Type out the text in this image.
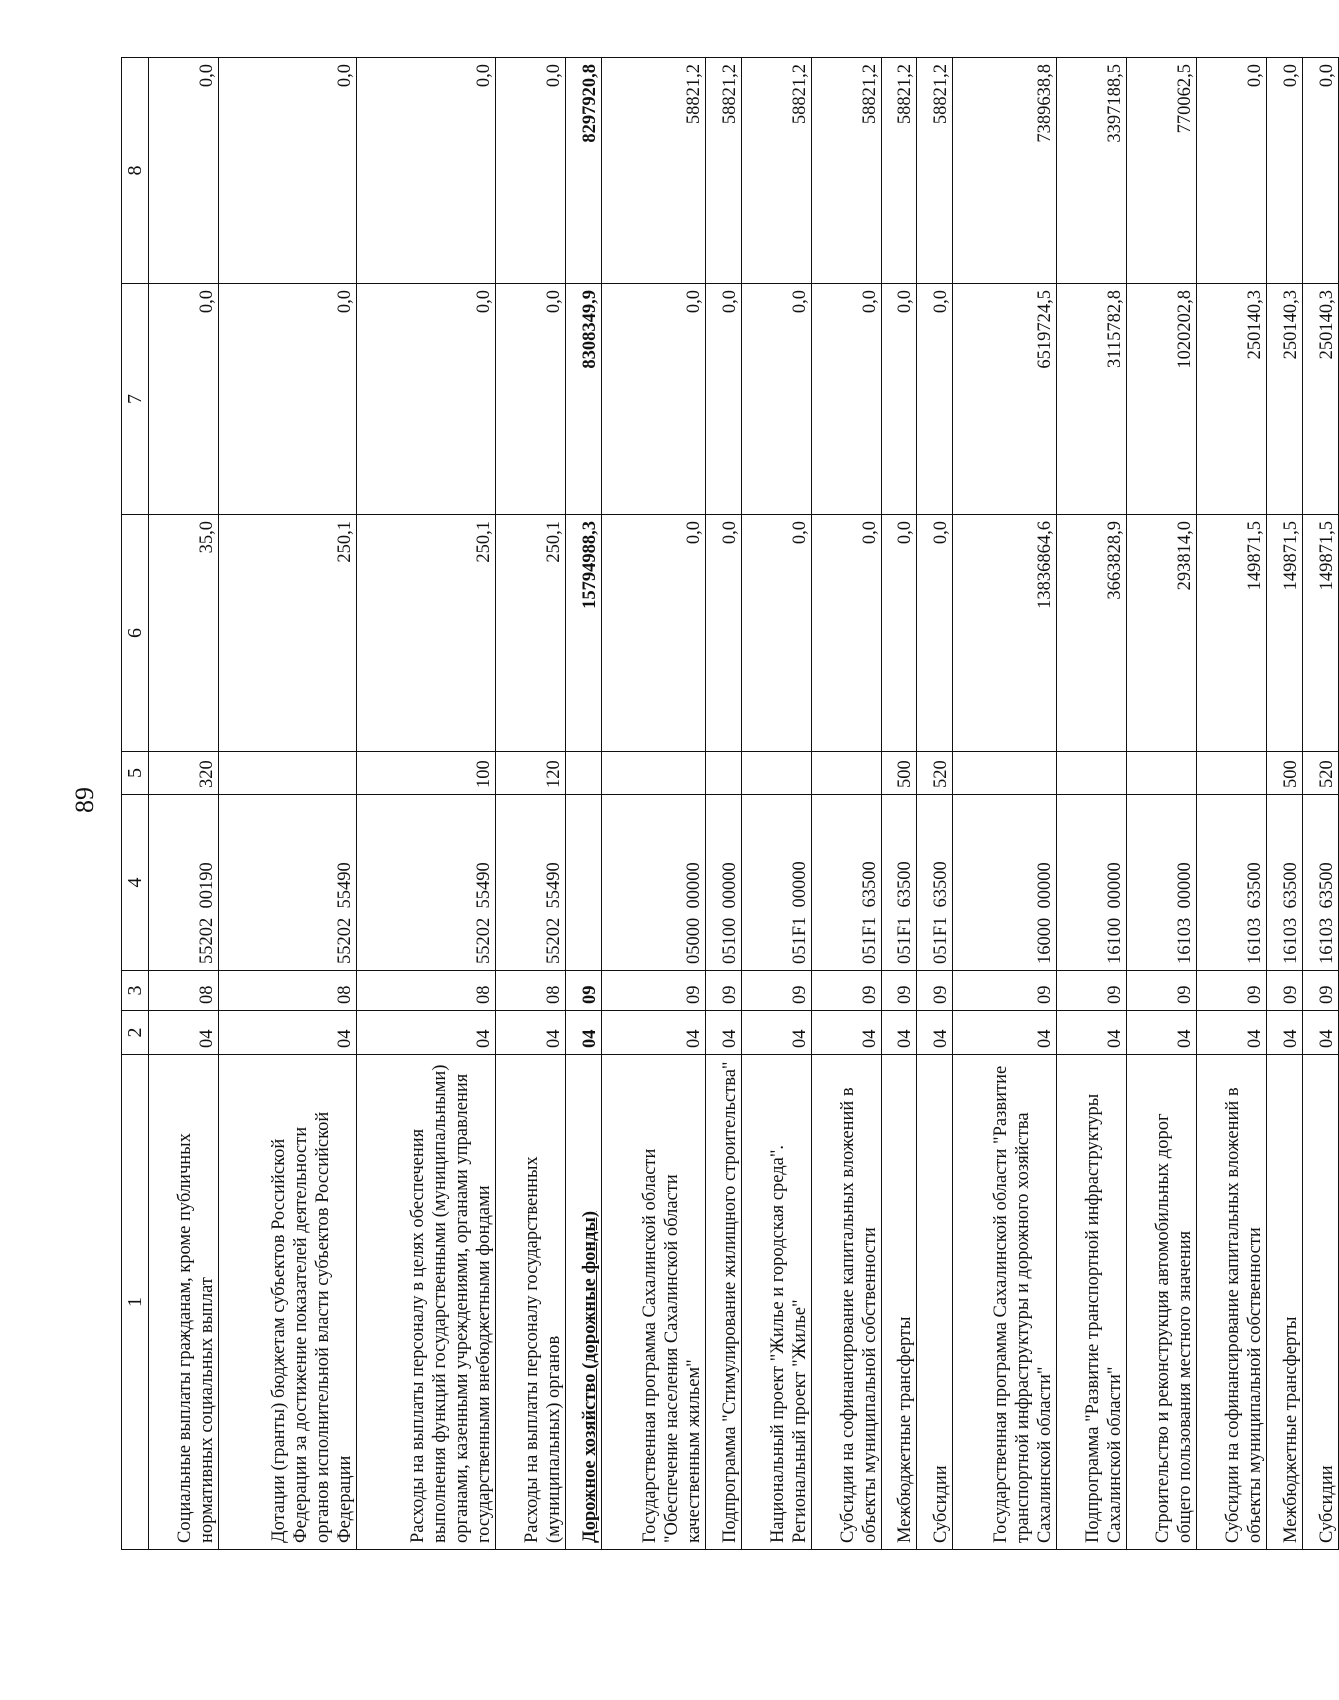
89
1	2	3	4	5	6	7	8
Социальные выплаты гражданам, кроме публичных нормативных социальных выплат	04	08	55202  00190	320	35,0	0,0	0,0
Дотации (гранты) бюджетам субъектов Российской Федерации за достижение показателей деятельности органов исполнительной власти субъектов Российской Федерации	04	08	55202  55490		250,1	0,0	0,0
Расходы на выплаты персоналу в целях обеспечения выполнения функций государственными (муниципальными) органами, казенными учреждениями, органами управления государственными внебюджетными фондами	04	08	55202  55490	100	250,1	0,0	0,0
Расходы на выплаты персоналу государственных (муниципальных) органов	04	08	55202  55490	120	250,1	0,0	0,0
Дорожное хозяйство (дорожные фонды)	04	09			15794988,3	8308349,9	8297920,8
Государственная программа Сахалинской области "Обеспечение населения Сахалинской области качественным жильем"	04	09	05000  00000		0,0	0,0	58821,2
Подпрограмма "Стимулирование жилищного строительства"	04	09	05100  00000		0,0	0,0	58821,2
Национальный проект "Жилье и городская среда". Региональный проект "Жилье"	04	09	051F1  00000		0,0	0,0	58821,2
Субсидии на софинансирование капитальных вложений в объекты муниципальной собственности	04	09	051F1  63500		0,0	0,0	58821,2
Межбюджетные трансферты	04	09	051F1  63500	500	0,0	0,0	58821,2
Субсидии	04	09	051F1  63500	520	0,0	0,0	58821,2
Государственная программа Сахалинской области "Развитие транспортной инфраструктуры и дорожного хозяйства Сахалинской области"	04	09	16000  00000		13836864,6	6519724,5	7389638,8
Подпрограмма "Развитие транспортной инфраструктуры Сахалинской области"	04	09	16100  00000		3663828,9	3115782,8	3397188,5
Строительство и реконструкция автомобильных дорог общего пользования местного значения	04	09	16103  00000		293814,0	1020202,8	770062,5
Субсидии на софинансирование капитальных вложений в объекты муниципальной собственности	04	09	16103  63500		149871,5	250140,3	0,0
Межбюджетные трансферты	04	09	16103  63500	500	149871,5	250140,3	0,0
Субсидии	04	09	16103  63500	520	149871,5	250140,3	0,0
